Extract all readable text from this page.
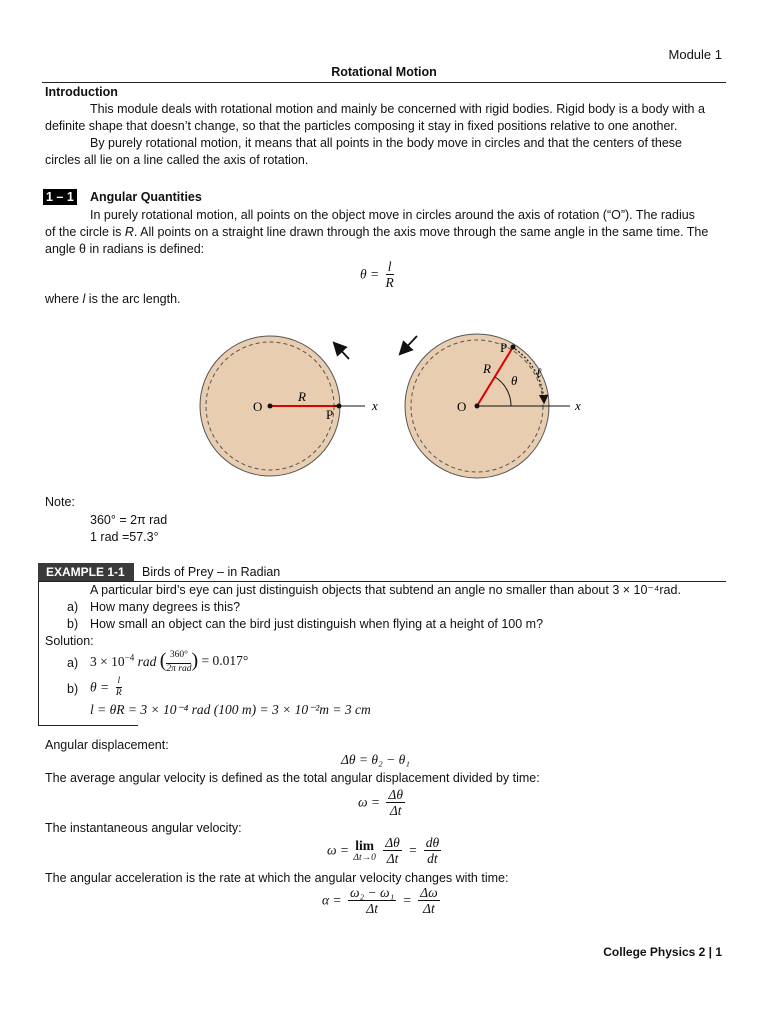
Module 1
Rotational Motion
Introduction
This module deals with rotational motion and mainly be concerned with rigid bodies. Rigid body is a body with a
definite shape that doesn’t change, so that the particles composing it stay in fixed positions relative to one another.
By purely rotational motion, it means that all points in the body move in circles and that the centers of these
circles all lie on a line called the axis of rotation.
1 – 1 Angular Quantities
In purely rotational motion, all points on the object move in circles around the axis of rotation (“O”). The radius
of the circle is R. All points on a straight line drawn through the axis move through the same angle in the same time. The
angle θ in radians is defined:
$\theta = \frac{l}{R}$
where l is the arc length.
O
R
P
x	O
R
P
θ
ℓ
x
Note:
360° = 2π rad
1 rad =57.3°
EXAMPLE 1-1	Birds of Prey – in Radian
A particular bird’s eye can just distinguish objects that subtend an angle no smaller than about 3 × 10⁻⁴rad.
a) How many degrees is this?
b) How small an object can the bird just distinguish when flying at a height of 100 m?
Solution:
a) $3 \times 10^{-4}$ rad ( $\frac{360^\circ}{\text{2π rad}}) = 0.017^\circ$
b) $\theta = \frac{l}{R}$
l = θR = 3 × 10⁻⁴ rad (100 m) = 3 × 10⁻²m = 3 cm
Angular displacement:
Δθ = θ₂ − θ₁
The average angular velocity is defined as the total angular displacement divided by time:
$\omega = \frac{\Delta\theta}{\Delta t}$
The instantaneous angular velocity:
ω = lim
Δt→0
$\frac{\Delta\theta}{\Delta t} = \frac{d\theta}{dt}$
The angular acceleration is the rate at which the angular velocity changes with time:
$\alpha = \frac{\text{ω₂ − ω₁}}{\Delta t} = \frac{\Delta\omega}{\Delta t}$
College Physics 2 | 1
